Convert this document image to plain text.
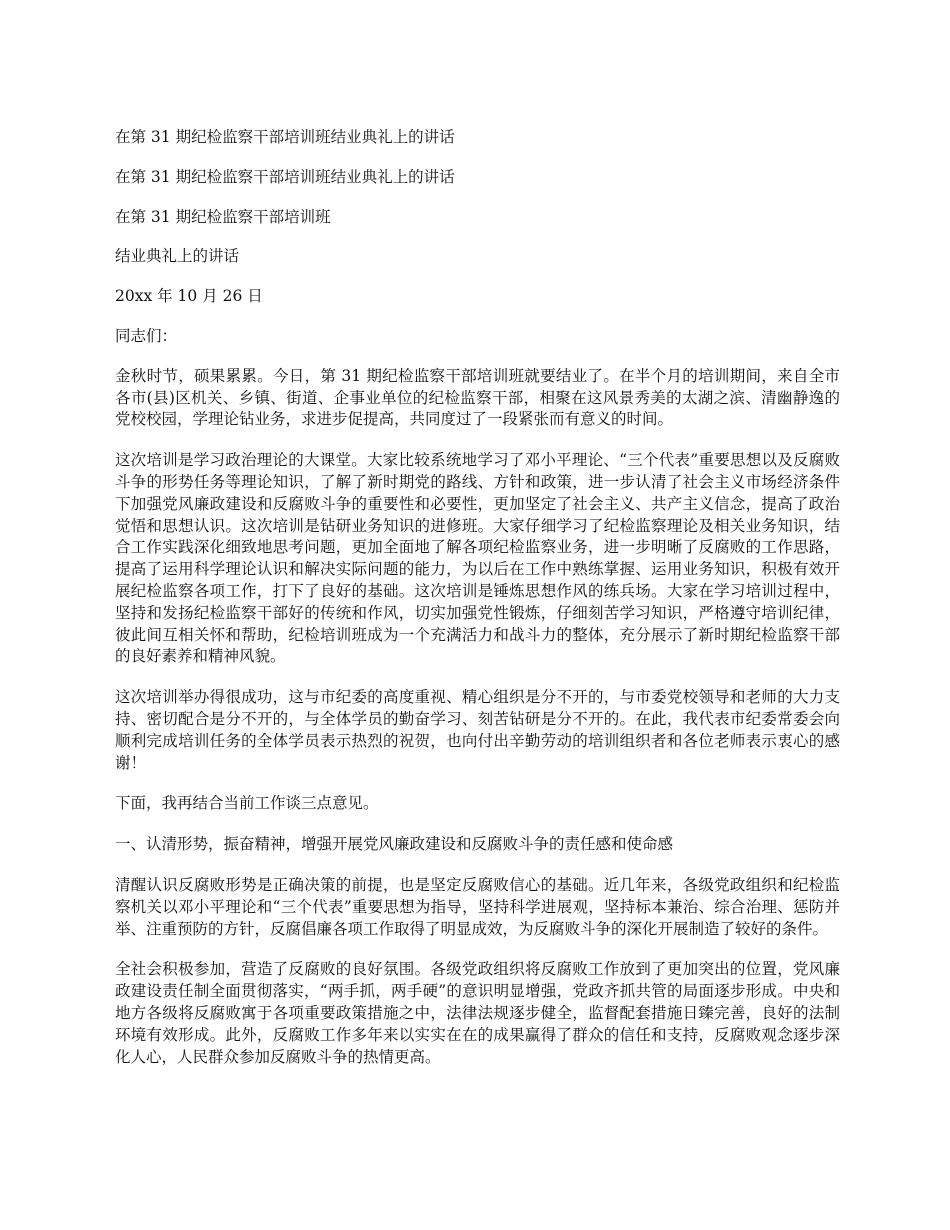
在第 31 期纪检监察干部培训班结业典礼上的讲话
在第 31 期纪检监察干部培训班结业典礼上的讲话
在第 31 期纪检监察干部培训班
结业典礼上的讲话
20xx 年 10 月 26 日
同志们：

金秋时节，硕果累累。今日，第 31 期纪检监察干部培训班就要结业了。在半个月的培训期间，来自全市各市(县)区机关、乡镇、街道、企事业单位的纪检监察干部，相聚在这风景秀美的太湖之滨、清幽静逸的党校校园，学理论钻业务，求进步促提高，共同度过了一段紧张而有意义的时间。

这次培训是学习政治理论的大课堂。大家比较系统地学习了邓小平理论、“三个代表”重要思想以及反腐败斗争的形势任务等理论知识，了解了新时期党的路线、方针和政策，进一步认清了社会主义市场经济条件下加强党风廉政建设和反腐败斗争的重要性和必要性，更加坚定了社会主义、共产主义信念，提高了政治觉悟和思想认识。这次培训是钻研业务知识的进修班。大家仔细学习了纪检监察理论及相关业务知识，结合工作实践深化细致地思考问题，更加全面地了解各项纪检监察业务，进一步明晰了反腐败的工作思路，提高了运用科学理论认识和解决实际问题的能力，为以后在工作中熟练掌握、运用业务知识，积极有效开展纪检监察各项工作，打下了良好的基础。这次培训是锤炼思想作风的练兵场。大家在学习培训过程中，坚持和发扬纪检监察干部好的传统和作风，切实加强党性锻炼，仔细刻苦学习知识，严格遵守培训纪律，彼此间互相关怀和帮助，纪检培训班成为一个充满活力和战斗力的整体，充分展示了新时期纪检监察干部的良好素养和精神风貌。

这次培训举办得很成功，这与市纪委的高度重视、精心组织是分不开的，与市委党校领导和老师的大力支持、密切配合是分不开的，与全体学员的勤奋学习、刻苦钻研是分不开的。在此，我代表市纪委常委会向顺利完成培训任务的全体学员表示热烈的祝贺，也向付出辛勤劳动的培训组织者和各位老师表示衷心的感谢！

下面，我再结合当前工作谈三点意见。

一、认清形势，振奋精神，增强开展党风廉政建设和反腐败斗争的责任感和使命感

清醒认识反腐败形势是正确决策的前提，也是坚定反腐败信心的基础。近几年来，各级党政组织和纪检监察机关以邓小平理论和“三个代表”重要思想为指导，坚持科学进展观，坚持标本兼治、综合治理、惩防并举、注重预防的方针，反腐倡廉各项工作取得了明显成效，为反腐败斗争的深化开展制造了较好的条件。

全社会积极参加，营造了反腐败的良好氛围。各级党政组织将反腐败工作放到了更加突出的位置，党风廉政建设责任制全面贯彻落实，“两手抓，两手硬”的意识明显增强，党政齐抓共管的局面逐步形成。中央和地方各级将反腐败寓于各项重要政策措施之中，法律法规逐步健全，监督配套措施日臻完善，良好的法制环境有效形成。此外，反腐败工作多年来以实实在在的成果赢得了群众的信任和支持，反腐败观念逐步深化人心，人民群众参加反腐败斗争的热情更高。
